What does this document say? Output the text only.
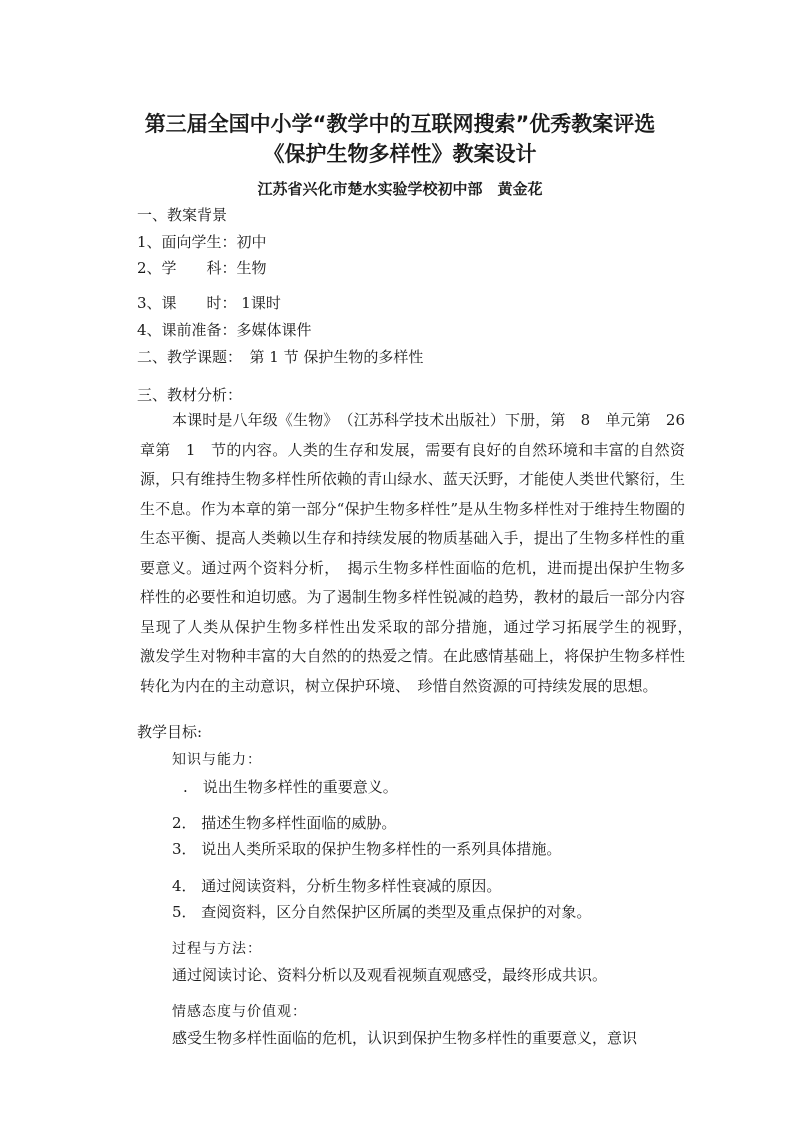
第三届全国中小学“教学中的互联网搜索”优秀教案评选
《保护生物多样性》教案设计
江苏省兴化市楚水实验学校初中部　黄金花
一、教案背景
1、面向学生：初中
2、学　　科：生物
3、课　　时： 1课时
4、课前准备：多媒体课件
二、教学课题：　第 1 节 保护生物的多样性
三、教材分析：
本课时是八年级《生物》　（江苏科学技术出版社）下册，第　8　单元第　26 章第　1　节的内容。人类的生存和发展，需要有良好的自然环境和丰富的自然资源，只有维持生物多样性所依赖的青山绿水、蓝天沃野，才能使人类世代繁衍，生生不息。作为本章的第一部分“保护生物多样性”是从生物多样性对于维持生物圈的生态平衡、提高人类赖以生存和持续发展的物质基础入手，提出了生物多样性的重要意义。通过两个资料分析，　揭示生物多样性面临的危机，进而提出保护生物多样性的必要性和迫切感。为了遏制生物多样性锐减的趋势，教材的最后一部分内容呈现了人类从保护生物多样性出发采取的部分措施，通过学习拓展学生的视野，　激发学生对物种丰富的大自然的的热爱之情。在此感情基础上，将保护生物多样性转化为内在的主动意识，树立保护环境、　珍惜自然资源的可持续发展的思想。
教学目标:
知识与能力：
.　说出生物多样性的重要意义。
2． 描述生物多样性面临的威胁。
3． 说出人类所采取的保护生物多样性的一系列具体措施。
4． 通过阅读资料，分析生物多样性衰减的原因。
5． 查阅资料，区分自然保护区所属的类型及重点保护的对象。
过程与方法：
通过阅读讨论、资料分析以及观看视频直观感受，最终形成共识。
情感态度与价值观：
感受生物多样性面临的危机，认识到保护生物多样性的重要意义，意识
